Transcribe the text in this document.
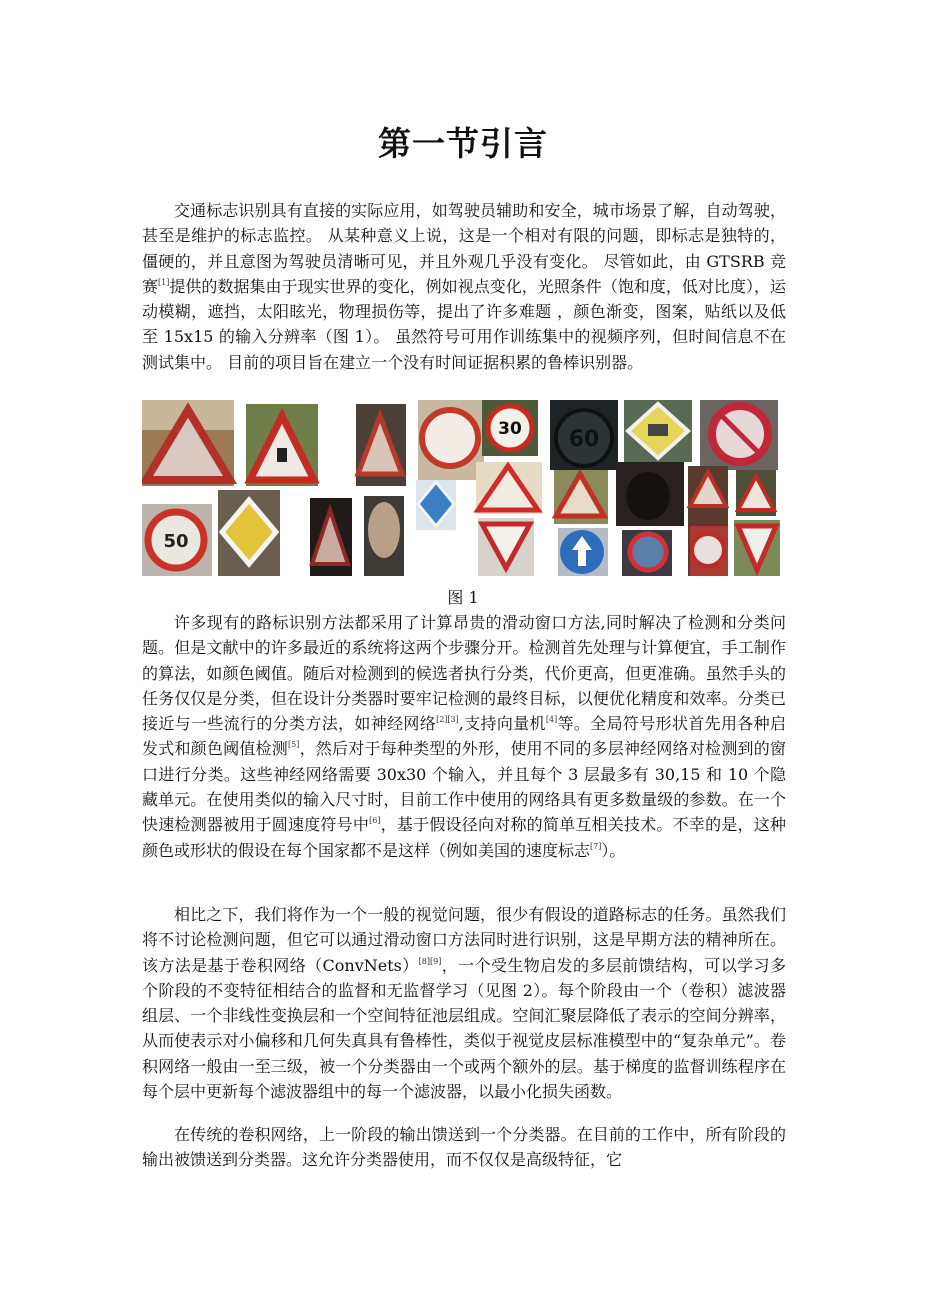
第一节引言

交通标志识别具有直接的实际应用，如驾驶员辅助和安全，城市场景了解，自动驾驶，甚至是维护的标志监控。 从某种意义上说，这是一个相对有限的问题，即标志是独特的，僵硬的，并且意图为驾驶员清晰可见，并且外观几乎没有变化。 尽管如此，由 GTSRB 竞赛[1]提供的数据集由于现实世界的变化，例如视点变化，光照条件（饱和度，低对比度），运动模糊，遮挡，太阳眩光，物理损伤等，提出了许多难题 ，颜色渐变，图案，贴纸以及低至 15x15 的输入分辨率（图 1）。 虽然符号可用作训练集中的视频序列，但时间信息不在测试集中。 目前的项目旨在建立一个没有时间证据积累的鲁棒识别器。

30 60
50

图 1

许多现有的路标识别方法都采用了计算昂贵的滑动窗口方法,同时解决了检测和分类问题。但是文献中的许多最近的系统将这两个步骤分开。检测首先处理与计算便宜，手工制作的算法，如颜色阈值。随后对检测到的候选者执行分类，代价更高，但更准确。虽然手头的任务仅仅是分类，但在设计分类器时要牢记检测的最终目标，以便优化精度和效率。分类已接近与一些流行的分类方法，如神经网络[2][3],支持向量机[4]等。全局符号形状首先用各种启发式和颜色阈值检测[5]，然后对于每种类型的外形，使用不同的多层神经网络对检测到的窗口进行分类。这些神经网络需要 30x30 个输入，并且每个 3 层最多有 30,15 和 10 个隐藏单元。在使用类似的输入尺寸时，目前工作中使用的网络具有更多数量级的参数。在一个快速检测器被用于圆速度符号中[6]，基于假设径向对称的简单互相关技术。不幸的是，这种颜色或形状的假设在每个国家都不是这样（例如美国的速度标志[7]）。

相比之下，我们将作为一个一般的视觉问题，很少有假设的道路标志的任务。虽然我们将不讨论检测问题，但它可以通过滑动窗口方法同时进行识别，这是早期方法的精神所在。该方法是基于卷积网络（ConvNets）[8][9]，一个受生物启发的多层前馈结构，可以学习多个阶段的不变特征相结合的监督和无监督学习（见图 2）。每个阶段由一个（卷积）滤波器组层、一个非线性变换层和一个空间特征池层组成。空间汇聚层降低了表示的空间分辨率，从而使表示对小偏移和几何失真具有鲁棒性，类似于视觉皮层标准模型中的“复杂单元”。卷积网络一般由一至三级，被一个分类器由一个或两个额外的层。基于梯度的监督训练程序在每个层中更新每个滤波器组中的每一个滤波器，以最小化损失函数。

在传统的卷积网络，上一阶段的输出馈送到一个分类器。在目前的工作中，所有阶段的输出被馈送到分类器。这允许分类器使用，而不仅仅是高级特征，它
